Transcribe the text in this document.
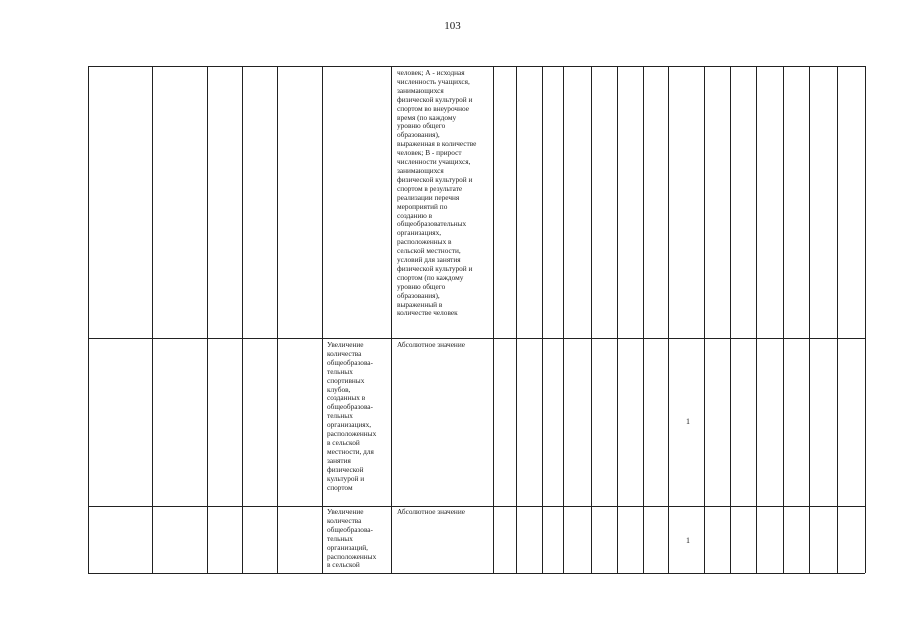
103
человек; А - исходная
численность учащихся,
занимающихся
физической культурой и
спортом во внеурочное
время (по каждому
уровню общего
образования),
выраженная в количестве
человек; В - прирост
численности учащихся,
занимающихся
физической культурой и
спортом в результате
реализации перечня
мероприятий по
созданию в
общеобразовательных
организациях,
расположенных в
сельской местности,
условий для занятия
физической культурой и
спортом (по каждому
уровню общего
образования),
выраженный в
количестве человек
Увеличение
количества
общеобразова-
тельных
спортивных
клубов,
созданных в
общеобразова-
тельных
организациях,
расположенных
в сельской
местности, для
занятия
физической
культурой и
спортом
Абсолютное значение
1
Увеличение
количества
общеобразова-
тельных
организаций,
расположенных
в сельской
Абсолютное значение
1
